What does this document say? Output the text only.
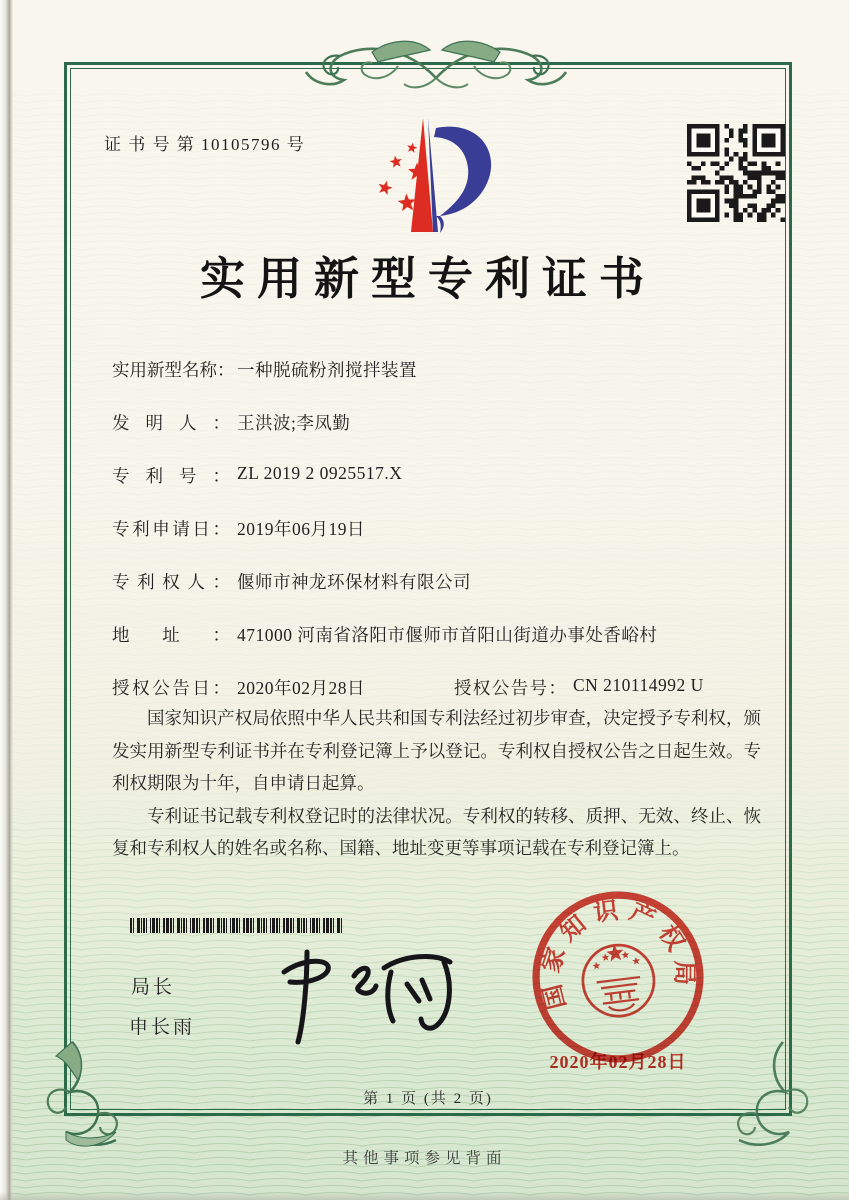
证 书 号 第 10105796 号
实用新型专利证书
实用新型名称： 一种脱硫粉剂搅拌装置
发明人： 王洪波;李凤勤
专利号： ZL 2019 2 0925517.X
专利申请日： 2019年06月19日
专利权人： 偃师市神龙环保材料有限公司
地址： 471000 河南省洛阳市偃师市首阳山街道办事处香峪村
授权公告日： 2020年02月28日	授权公告号： CN 210114992 U

国家知识产权局依照中华人民共和国专利法经过初步审查，决定授予专利权，颁发实用新型专利证书并在专利登记簿上予以登记。专利权自授权公告之日起生效。专利权期限为十年，自申请日起算。

专利证书记载专利权登记时的法律状况。专利权的转移、质押、无效、终止、恢复和专利权人的姓名或名称、国籍、地址变更等事项记载在专利登记簿上。

局长
申长雨
国家知识产权局
2020年02月28日
第 1 页 (共 2 页)
其他事项参见背面
